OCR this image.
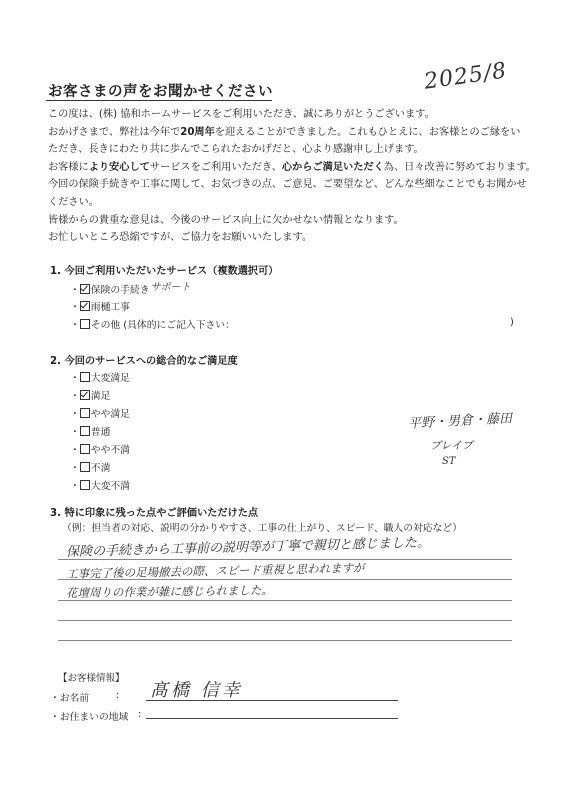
お客さまの声をお聞かせください	2025/8

この度は、(株) 協和ホームサービスをご利用いただき、誠にありがとうございます。

おかげさまで、弊社は今年で20周年を迎えることができました。これもひとえに、お客様とのご縁をい

ただき、長きにわたり共に歩んでこられたおかげだと、心より感謝申し上げます。

お客様により安心してサービスをご利用いただき、心からご満足いただく為、日々改善に努めております。

今回の保険手続きや工事に関して、お気づきの点、ご意見、ご要望など、どんな些細なことでもお聞かせ

ください。

皆様からの貴重な意見は、今後のサービス向上に欠かせない情報となります。

お忙しいところ恐縮ですが、ご協力をお願いいたします。

1. 今回ご利用いただいたサービス（複数選択可）
・ 保険の手続きサポート
・ 雨樋工事
・ その他 (具体的にご記入下さい：	)
2. 今回のサービスへの総合的なご満足度
・ 大変満足
・ 満足
・ やや満足
・ 普通
・ やや不満
・ 不満
・ 大変不満
平野・男倉・藤田
ブレイブ
ST
3. 特に印象に残った点やご評価いただけた点
（例：担当者の対応、説明の分かりやすさ、工事の仕上がり、スピード、職人の対応など）
保険の手続きから工事前の説明等が丁寧で親切と感じました。
工事完了後の足場撤去の際、スピード重視と思われますが
花壇周りの作業が雑に感じられました。
【お客様情報】
・お名前	: 髙橋 信幸
・お住まいの地域 :
